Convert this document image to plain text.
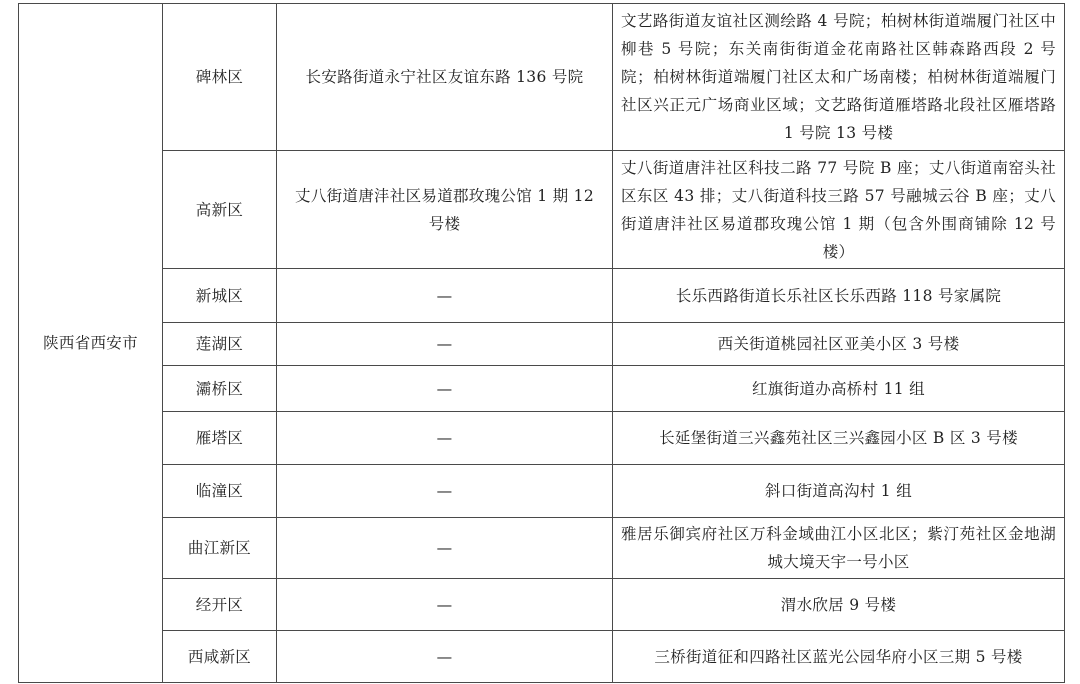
陕西省西安市	碑林区	长安路街道永宁社区友谊东路 136 号院	文艺路街道友谊社区测绘路 4 号院；柏树林街道端履门社区中柳巷 5 号院；东关南街街道金花南路社区韩森路西段 2 号院；柏树林街道端履门社区太和广场南楼；柏树林街道端履门社区兴正元广场商业区域；文艺路街道雁塔路北段社区雁塔路 1 号院 13 号楼
	高新区	丈八街道唐沣社区易道郡玫瑰公馆 1 期 12 号楼	丈八街道唐沣社区科技二路 77 号院 B 座；丈八街道南窑头社区东区 43 排；丈八街道科技三路 57 号融城云谷 B 座；丈八街道唐沣社区易道郡玫瑰公馆 1 期（包含外围商铺除 12 号楼）
	新城区	—	长乐西路街道长乐社区长乐西路 118 号家属院
	莲湖区	—	西关街道桃园社区亚美小区 3 号楼
	灞桥区	—	红旗街道办高桥村 11 组
	雁塔区	—	长延堡街道三兴鑫苑社区三兴鑫园小区 B 区 3 号楼
	临潼区	—	斜口街道高沟村 1 组
	曲江新区	—	雅居乐御宾府社区万科金域曲江小区北区；紫汀苑社区金地湖城大境天宇一号小区
	经开区	—	渭水欣居 9 号楼
	西咸新区	—	三桥街道征和四路社区蓝光公园华府小区三期 5 号楼
